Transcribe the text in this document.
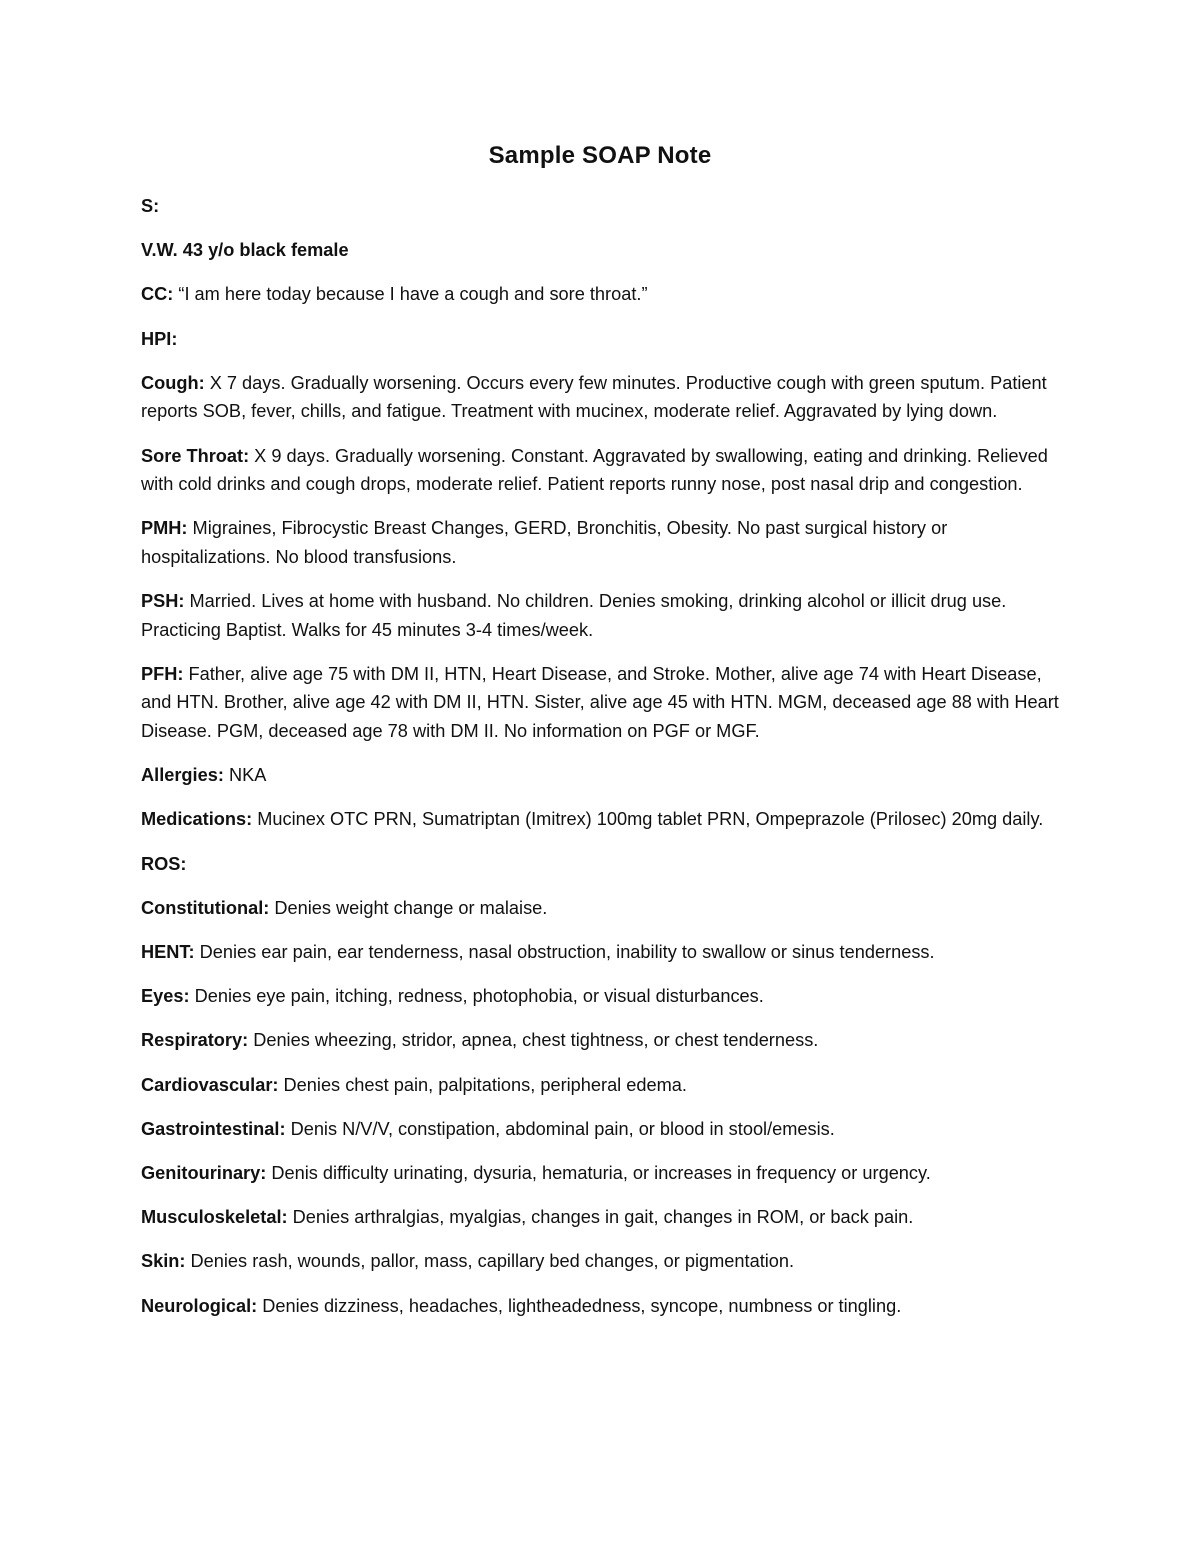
Sample SOAP Note

S:

V.W. 43 y/o black female

CC: “I am here today because I have a cough and sore throat.”

HPI:

Cough: X 7 days. Gradually worsening. Occurs every few minutes. Productive cough with green sputum. Patient reports SOB, fever, chills, and fatigue. Treatment with mucinex, moderate relief. Aggravated by lying down.

Sore Throat: X 9 days. Gradually worsening. Constant. Aggravated by swallowing, eating and drinking. Relieved with cold drinks and cough drops, moderate relief. Patient reports runny nose, post nasal drip and congestion.

PMH: Migraines, Fibrocystic Breast Changes, GERD, Bronchitis, Obesity. No past surgical history or hospitalizations. No blood transfusions.

PSH: Married. Lives at home with husband. No children. Denies smoking, drinking alcohol or illicit drug use. Practicing Baptist. Walks for 45 minutes 3-4 times/week.

PFH: Father, alive age 75 with DM II, HTN, Heart Disease, and Stroke. Mother, alive age 74 with Heart Disease, and HTN. Brother, alive age 42 with DM II, HTN. Sister, alive age 45 with HTN. MGM, deceased age 88 with Heart Disease. PGM, deceased age 78 with DM II. No information on PGF or MGF.

Allergies: NKA

Medications: Mucinex OTC PRN, Sumatriptan (Imitrex) 100mg tablet PRN, Ompeprazole (Prilosec) 20mg daily.

ROS:

Constitutional: Denies weight change or malaise.

HENT: Denies ear pain, ear tenderness, nasal obstruction, inability to swallow or sinus tenderness.

Eyes: Denies eye pain, itching, redness, photophobia, or visual disturbances.

Respiratory: Denies wheezing, stridor, apnea, chest tightness, or chest tenderness.

Cardiovascular: Denies chest pain, palpitations, peripheral edema.

Gastrointestinal: Denis N/V/V, constipation, abdominal pain, or blood in stool/emesis.

Genitourinary: Denis difficulty urinating, dysuria, hematuria, or increases in frequency or urgency.

Musculoskeletal: Denies arthralgias, myalgias, changes in gait, changes in ROM, or back pain.

Skin: Denies rash, wounds, pallor, mass, capillary bed changes, or pigmentation.

Neurological: Denies dizziness, headaches, lightheadedness, syncope, numbness or tingling.
